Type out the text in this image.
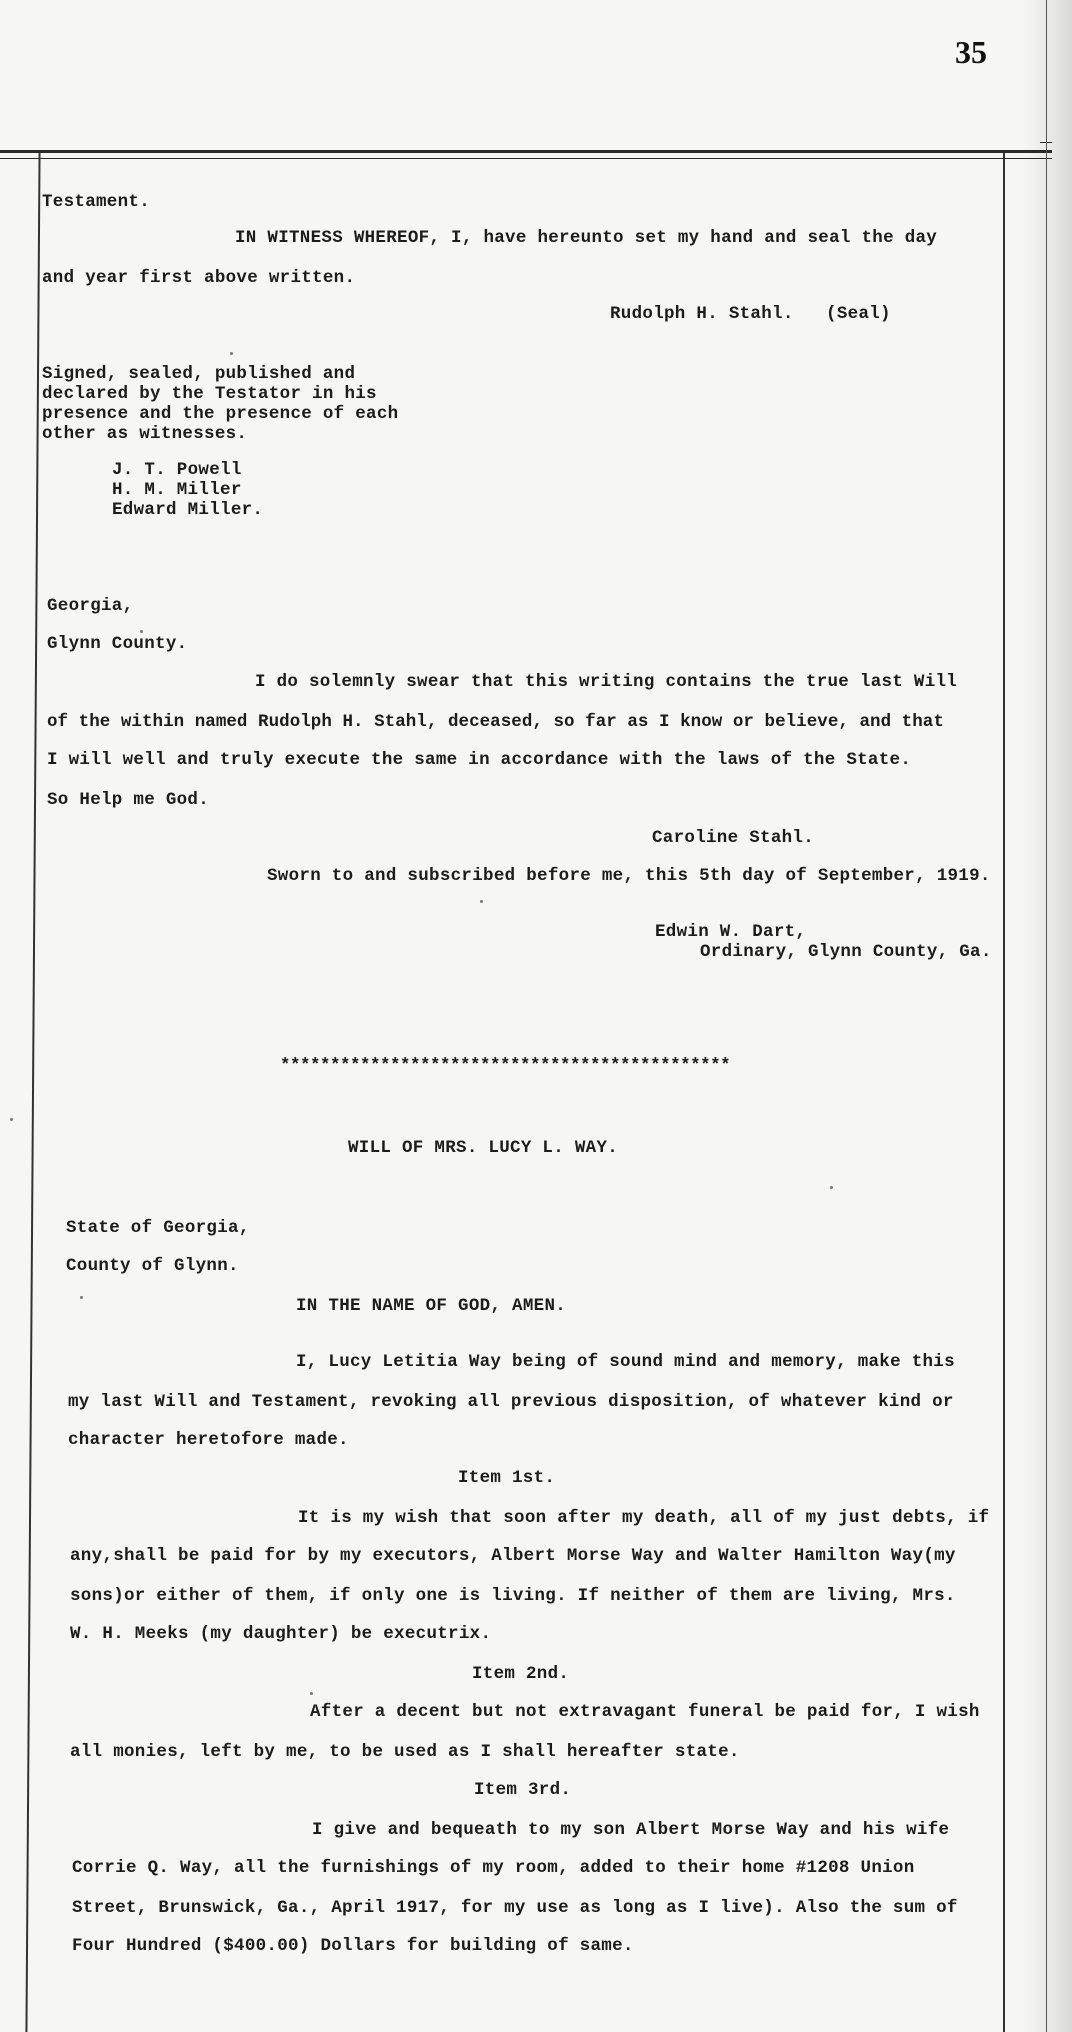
35
Testament.
IN WITNESS WHEREOF, I, have hereunto set my hand and seal the day
and year first above written.
Rudolph H. Stahl.   (Seal)
Signed, sealed, published and
declared by the Testator in his
presence and the presence of each
other as witnesses.
J. T. Powell
H. M. Miller
Edward Miller.
Georgia,
Glynn County.
I do solemnly swear that this writing contains the true last Will
of the within named Rudolph H. Stahl, deceased, so far as I know or believe, and that
I will well and truly execute the same in accordance with the laws of the State.
So Help me God.
Caroline Stahl.
Sworn to and subscribed before me, this 5th day of September, 1919.
Edwin W. Dart,
Ordinary, Glynn County, Ga.
*********************************************
WILL OF MRS. LUCY L. WAY.
State of Georgia,
County of Glynn.
IN THE NAME OF GOD, AMEN.
I, Lucy Letitia Way being of sound mind and memory, make this
my last Will and Testament, revoking all previous disposition, of whatever kind or
character heretofore made.
Item 1st.
It is my wish that soon after my death, all of my just debts, if
any,shall be paid for by my executors, Albert Morse Way and Walter Hamilton Way(my
sons)or either of them, if only one is living. If neither of them are living, Mrs.
W. H. Meeks (my daughter) be executrix.
Item 2nd.
After a decent but not extravagant funeral be paid for, I wish
all monies, left by me, to be used as I shall hereafter state.
Item 3rd.
I give and bequeath to my son Albert Morse Way and his wife
Corrie Q. Way, all the furnishings of my room, added to their home #1208 Union
Street, Brunswick, Ga., April 1917, for my use as long as I live). Also the sum of
Four Hundred ($400.00) Dollars for building of same.
